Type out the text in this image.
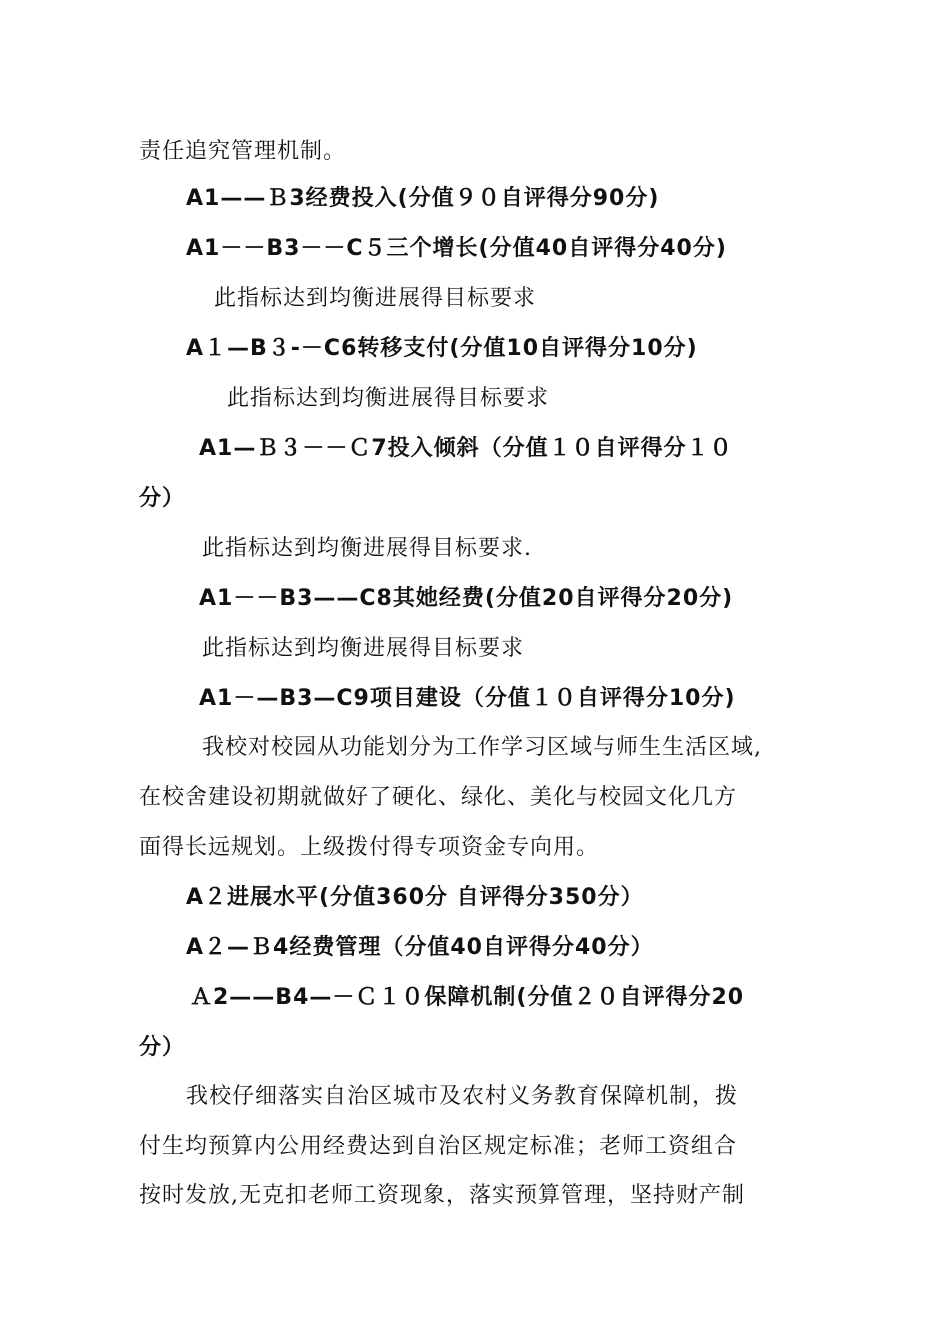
责任追究管理机制。
A1——Ｂ3经费投入(分值９０自评得分90分)
A1－－B3－－C５三个增长(分值40自评得分40分)
此指标达到均衡进展得目标要求
A１—B３-－C6转移支付(分值10自评得分10分)
此指标达到均衡进展得目标要求
A1—Ｂ３－－Ｃ7投入倾斜（分值１０自评得分１０
分）
此指标达到均衡进展得目标要求.
A1－－B3——C8其她经费(分值20自评得分20分)
此指标达到均衡进展得目标要求
A1－—B3—C9项目建设（分值１０自评得分10分)
我校对校园从功能划分为工作学习区域与师生生活区域,
在校舍建设初期就做好了硬化、绿化、美化与校园文化几方
面得长远规划。上级拨付得专项资金专向用。
A２进展水平(分值360分 自评得分350分）
A２—Ｂ4经费管理（分值40自评得分40分）
Ａ2——B4—－Ｃ１０保障机制(分值２０自评得分20
分）
我校仔细落实自治区城市及农村义务教育保障机制，拨
付生均预算内公用经费达到自治区规定标准；老师工资组合
按时发放,无克扣老师工资现象，落实预算管理，坚持财产制
